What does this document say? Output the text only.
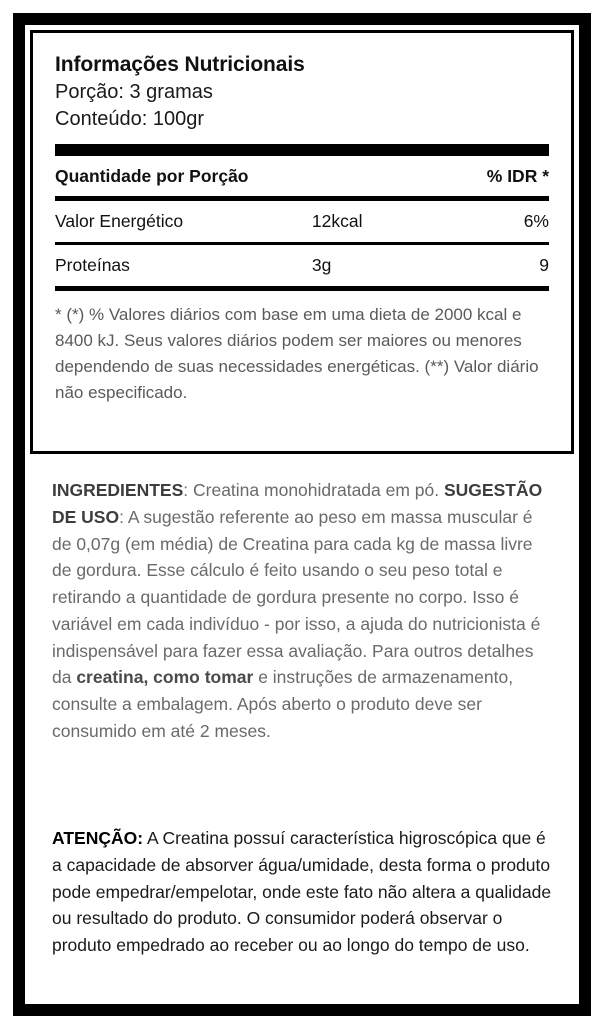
Informações Nutricionais
Porção: 3 gramas
Conteúdo: 100gr
Quantidade por Porção		% IDR *

Valor Energético	12kcal	6%

Proteínas	3g	9

* (*) % Valores diários com base em uma dieta de 2000 kcal e 8400 kJ. Seus valores diários podem ser maiores ou menores dependendo de suas necessidades energéticas. (**) Valor diário não especificado.

INGREDIENTES: Creatina monohidratada em pó. SUGESTÃO DE USO: A sugestão referente ao peso em massa muscular é de 0,07g (em média) de Creatina para cada kg de massa livre de gordura. Esse cálculo é feito usando o seu peso total e retirando a quantidade de gordura presente no corpo. Isso é variável em cada indivíduo - por isso, a ajuda do nutricionista é indispensável para fazer essa avaliação. Para outros detalhes da creatina, como tomar e instruções de armazenamento, consulte a embalagem. Após aberto o produto deve ser consumido em até 2 meses.

ATENÇÃO: A Creatina possuí característica higroscópica que é a capacidade de absorver água/umidade, desta forma o produto pode empedrar/empelotar, onde este fato não altera a qualidade ou resultado do produto. O consumidor poderá observar o produto empedrado ao receber ou ao longo do tempo de uso.
